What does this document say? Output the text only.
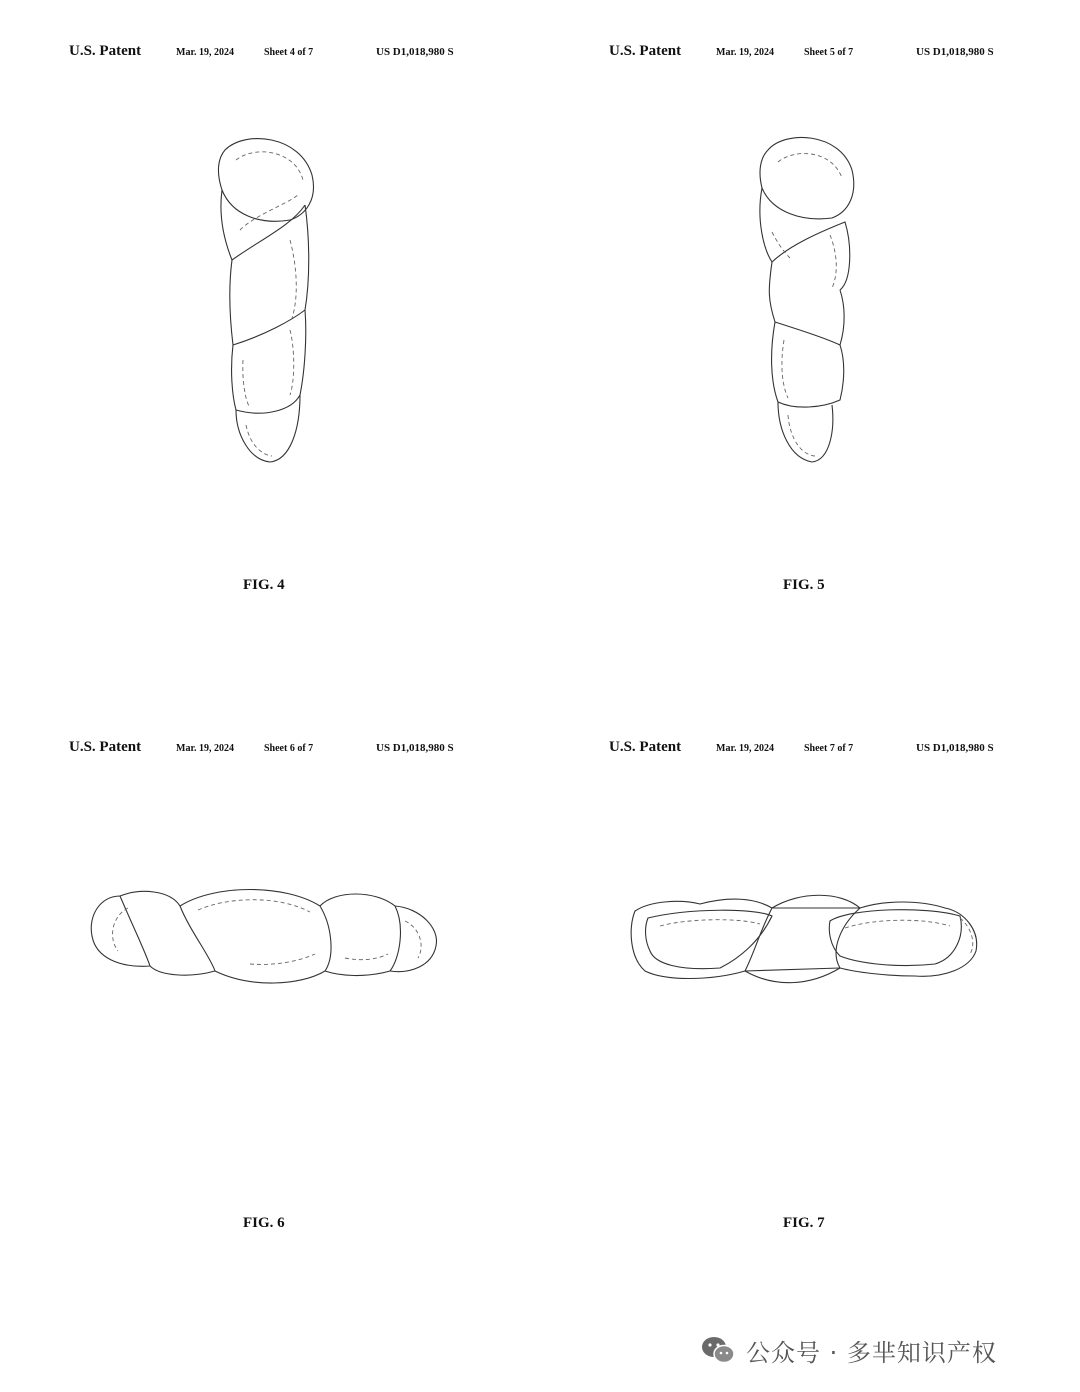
U.S. Patent	Mar. 19, 2024	Sheet 4 of 7	US D1,018,980 S
FIG. 4
U.S. Patent	Mar. 19, 2024	Sheet 5 of 7	US D1,018,980 S
FIG. 5
U.S. Patent	Mar. 19, 2024	Sheet 6 of 7	US D1,018,980 S
FIG. 6
U.S. Patent	Mar. 19, 2024	Sheet 7 of 7	US D1,018,980 S
FIG. 7
公众号 · 多芈知识产权
